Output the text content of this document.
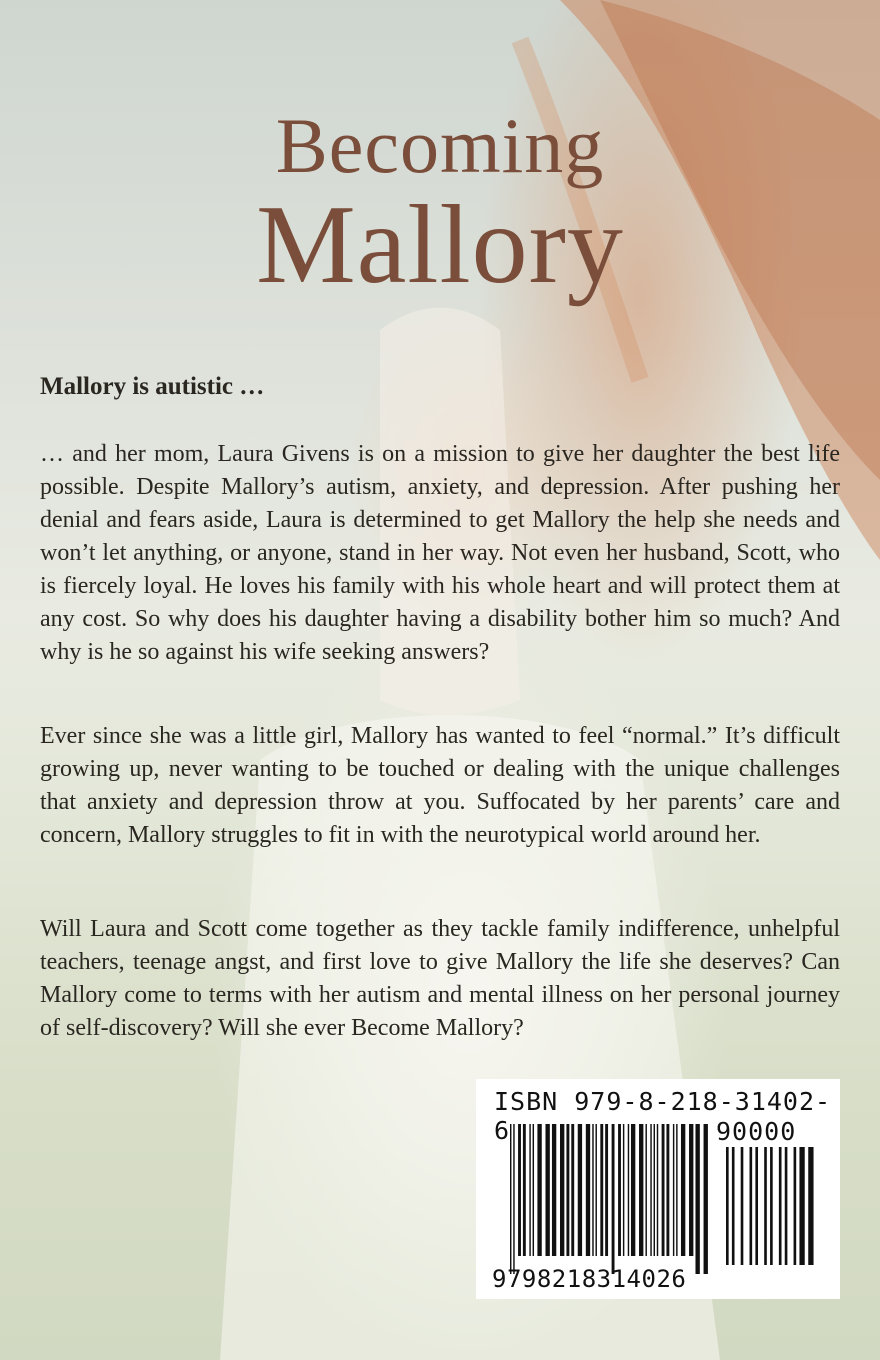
Becoming
Mallory

Mallory is autistic …

… and her mom, Laura Givens is on a mission to give her daughter the best life possible. Despite Mallory’s autism, anxiety, and depression. After pushing her denial and fears aside, Laura is determined to get Mallory the help she needs and won’t let anything, or anyone, stand in her way. Not even her husband, Scott, who is fiercely loyal. He loves his family with his whole heart and will protect them at any cost. So why does his daughter having a disability bother him so much? And why is he so against his wife seeking answers?

Ever since she was a little girl, Mallory has wanted to feel “normal.” It’s difficult growing up, never wanting to be touched or dealing with the unique challenges that anxiety and depression throw at you. Suffocated by her parents’ care and concern, Mallory struggles to fit in with the neurotypical world around her.

Will Laura and Scott come together as they tackle family indifference, unhelpful teachers, teenage angst, and first love to give Mallory the life she deserves? Can Mallory come to terms with her autism and mental illness on her personal journey of self-discovery? Will she ever Become Mallory?

ISBN 979-8-218-31402-6	90000
9798218314026
